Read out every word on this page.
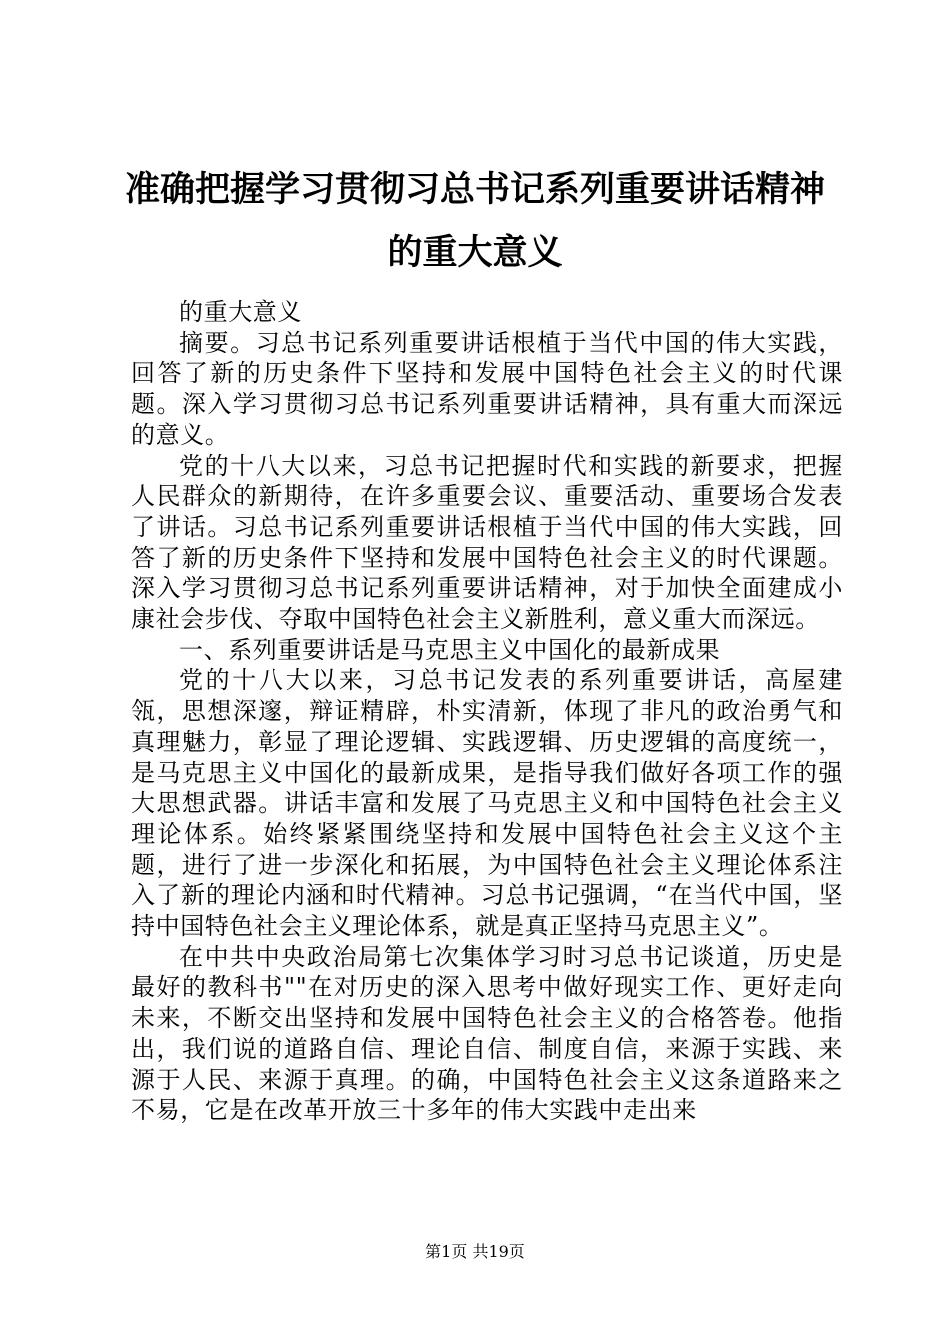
准确把握学习贯彻习总书记系列重要讲话精神
的重大意义

的重大意义

摘要。习总书记系列重要讲话根植于当代中国的伟大实践，回答了新的历史条件下坚持和发展中国特色社会主义的时代课题。深入学习贯彻习总书记系列重要讲话精神，具有重大而深远的意义。

党的十八大以来，习总书记把握时代和实践的新要求，把握人民群众的新期待，在许多重要会议、重要活动、重要场合发表了讲话。习总书记系列重要讲话根植于当代中国的伟大实践，回答了新的历史条件下坚持和发展中国特色社会主义的时代课题。深入学习贯彻习总书记系列重要讲话精神，对于加快全面建成小康社会步伐、夺取中国特色社会主义新胜利，意义重大而深远。

一、系列重要讲话是马克思主义中国化的最新成果

党的十八大以来，习总书记发表的系列重要讲话，高屋建瓴，思想深邃，辩证精辟，朴实清新，体现了非凡的政治勇气和真理魅力，彰显了理论逻辑、实践逻辑、历史逻辑的高度统一，是马克思主义中国化的最新成果，是指导我们做好各项工作的强大思想武器。讲话丰富和发展了马克思主义和中国特色社会主义理论体系。始终紧紧围绕坚持和发展中国特色社会主义这个主题，进行了进一步深化和拓展，为中国特色社会主义理论体系注入了新的理论内涵和时代精神。习总书记强调，“在当代中国，坚持中国特色社会主义理论体系，就是真正坚持马克思主义”。

在中共中央政治局第七次集体学习时习总书记谈道，历史是最好的教科书""在对历史的深入思考中做好现实工作、更好走向未来，不断交出坚持和发展中国特色社会主义的合格答卷。他指出，我们说的道路自信、理论自信、制度自信，来源于实践、来源于人民、来源于真理。的确，中国特色社会主义这条道路来之不易，它是在改革开放三十多年的伟大实践中走出来

第1页 共19页
